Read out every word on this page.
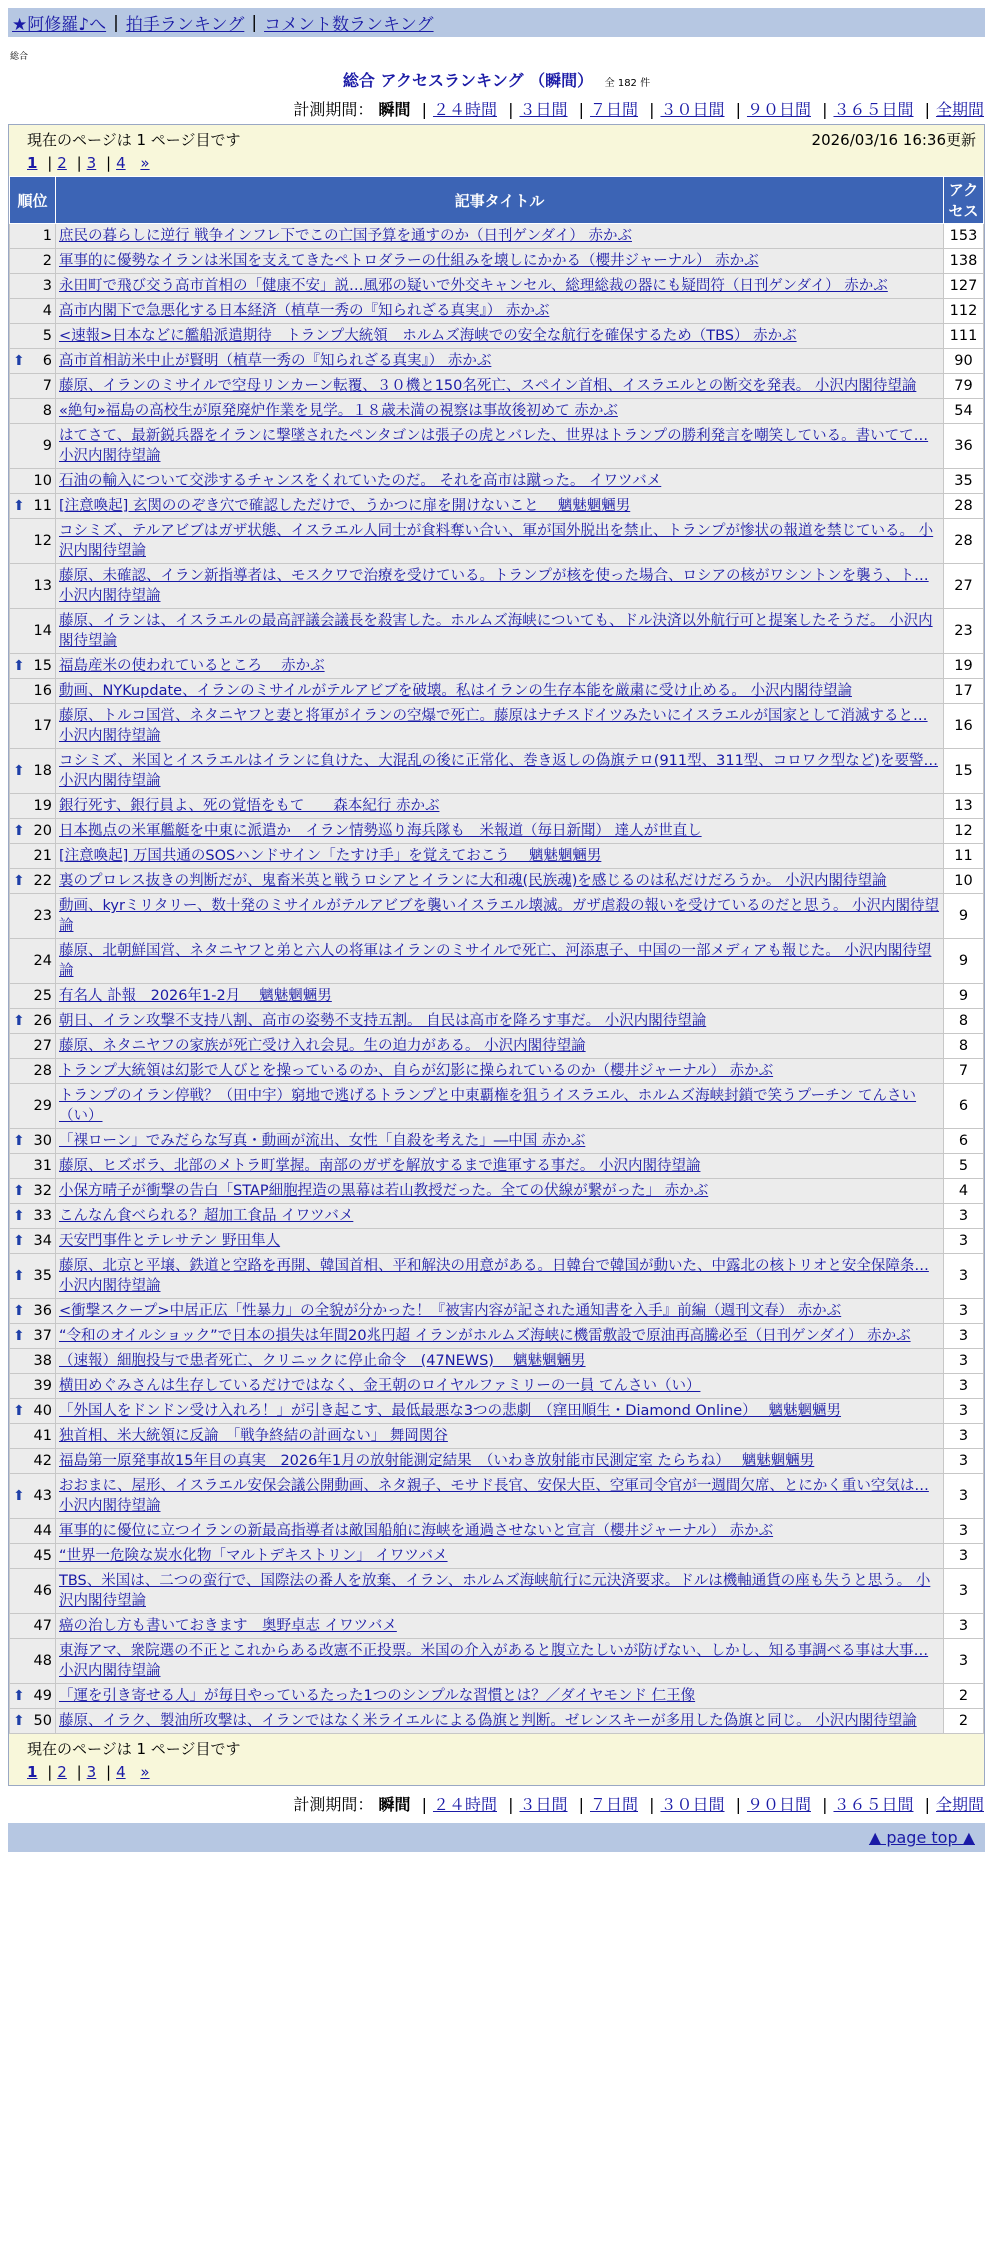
★阿修羅♪へ | 拍手ランキング | コメント数ランキング
総合
総合 アクセスランキング （瞬間） 全 182 件
計測期間： 瞬間 | ２４時間 | ３日間 | ７日間 | ３０日間 | ９０日間 | ３６５日間 | 全期間
現在のページは 1 ページ目です	2026/03/16 16:36更新
1 | 2 | 3 | 4 »
順位	記事タイトル	アクセス
1	庶民の暮らしに逆行 戦争インフレ下でこの亡国予算を通すのか（日刊ゲンダイ） 赤かぶ	153
2	軍事的に優勢なイランは米国を支えてきたペトロダラーの仕組みを壊しにかかる（櫻井ジャーナル） 赤かぶ	138
3	永田町で飛び交う高市首相の「健康不安」説…風邪の疑いで外交キャンセル、総理総裁の器にも疑問符（日刊ゲンダイ） 赤かぶ	127
4	高市内閣下で急悪化する日本経済（植草一秀の『知られざる真実』） 赤かぶ	112
5	<速報>日本などに艦船派遣期待　トランプ大統領　ホルムズ海峡での安全な航行を確保するため（TBS） 赤かぶ	111

⬆ 6	高市首相訪米中止が賢明（植草一秀の『知られざる真実』） 赤かぶ	90
7	藤原、イランのミサイルで空母リンカーン転覆、３０機と150名死亡、スペイン首相、イスラエルとの断交を発表。 小沢内閣待望論	79
8	«絶句»福島の高校生が原発廃炉作業を見学。１８歳未満の視察は事故後初めて 赤かぶ	54
9	はてさて、最新鋭兵器をイランに撃墜されたペンタゴンは張子の虎とバレた、世界はトランプの勝利発言を嘲笑している。書いてて… 小沢内閣待望論	36
10	石油の輸入について交渉するチャンスをくれていたのだ。 それを高市は蹴った。 イワツバメ	35

⬆ 11	[注意喚起] 玄関ののぞき穴で確認しただけで、うかつに扉を開けないこと　 魑魅魍魎男	28
12	コシミズ、テルアビブはガザ状態、イスラエル人同士が食料奪い合い、軍が国外脱出を禁止、トランプが惨状の報道を禁じている。 小沢内閣待望論	28
13	藤原、未確認、イラン新指導者は、モスクワで治療を受けている。トランプが核を使った場合、ロシアの核がワシントンを襲う、ト… 小沢内閣待望論	27
14	藤原、イランは、イスラエルの最高評議会議長を殺害した。ホルムズ海峡についても、ドル決済以外航行可と提案したそうだ。 小沢内閣待望論	23

⬆ 15	福島産米の使われているところ　 赤かぶ	19
16	動画、NYKupdate、イランのミサイルがテルアビブを破壊。私はイランの生存本能を厳粛に受け止める。 小沢内閣待望論	17
17	藤原、トルコ国営、ネタニヤフと妻と将軍がイランの空爆で死亡。藤原はナチスドイツみたいにイスラエルが国家として消滅すると… 小沢内閣待望論	16

⬆ 18	コシミズ、米国とイスラエルはイランに負けた、大混乱の後に正常化、巻き返しの偽旗テロ(911型、311型、コロワク型など)を要警… 小沢内閣待望論	15
19	銀行死す、銀行員よ、死の覚悟をもて　　森本紀行 赤かぶ	13

⬆ 20	日本拠点の米軍艦艇を中東に派遣か　イラン情勢巡り海兵隊も　米報道（毎日新聞） 達人が世直し	12
21	[注意喚起] 万国共通のSOSハンドサイン「たすけ手」を覚えておこう　 魑魅魍魎男	11

⬆ 22	裏のプロレス抜きの判断だが、鬼畜米英と戦うロシアとイランに大和魂(民族魂)を感じるのは私だけだろうか。 小沢内閣待望論	10
23	動画、kyrミリタリー、数十発のミサイルがテルアビブを襲いイスラエル壊滅。ガザ虐殺の報いを受けているのだと思う。 小沢内閣待望論	9
24	藤原、北朝鮮国営、ネタニヤフと弟と六人の将軍はイランのミサイルで死亡、河添恵子、中国の一部メディアも報じた。 小沢内閣待望論	9
25	有名人 訃報　2026年1-2月　 魑魅魍魎男	9

⬆ 26	朝日、イラン攻撃不支持八割、高市の姿勢不支持五割。 自民は高市を降ろす事だ。 小沢内閣待望論	8
27	藤原、ネタニヤフの家族が死亡受け入れ会見。生の迫力がある。 小沢内閣待望論	8
28	トランプ大統領は幻影で人びとを操っているのか、自らが幻影に操られているのか（櫻井ジャーナル） 赤かぶ	7
29	トランプのイラン停戦？（田中宇）窮地で逃げるトランプと中東覇権を狙うイスラエル、ホルムズ海峡封鎖で笑うプーチン てんさい（い）	6

⬆ 30	「裸ローン」でみだらな写真・動画が流出、女性「自殺を考えた」―中国 赤かぶ	6
31	藤原、ヒズボラ、北部のメトラ町掌握。南部のガザを解放するまで進軍する事だ。 小沢内閣待望論	5

⬆ 32	小保方晴子が衝撃の告白「STAP細胞捏造の黒幕は若山教授だった。全ての伏線が繋がった」 赤かぶ	4

⬆ 33	こんなん食べられる？超加工食品 イワツバメ	3

⬆ 34	天安門事件とテレサテン 野田隼人	3

⬆ 35	藤原、北京と平壌、鉄道と空路を再開、韓国首相、平和解決の用意がある。日韓台で韓国が動いた、中露北の核トリオと安全保障条… 小沢内閣待望論	3

⬆ 36	<衝撃スクープ>中居正広「性暴力」の全貌が分かった！『被害内容が記された通知書を入手』前編（週刊文春） 赤かぶ	3

⬆ 37	“令和のオイルショック”で日本の損失は年間20兆円超 イランがホルムズ海峡に機雷敷設で原油再高騰必至（日刊ゲンダイ） 赤かぶ	3
38	（速報）細胞投与で患者死亡、クリニックに停止命令　(47NEWS)　 魑魅魍魎男	3
39	横田めぐみさんは生存しているだけではなく、金王朝のロイヤルファミリーの一員 てんさい（い）	3

⬆ 40	「外国人をドンドン受け入れろ！」が引き起こす、最低最悪な3つの悲劇　（窪田順生・Diamond Online）　 魑魅魍魎男	3
41	独首相、米大統領に反論　「戦争終結の計画ない」 舞岡関谷	3
42	福島第一原発事故15年目の真実　2026年1月の放射能測定結果　（いわき放射能市民測定室 たらちね）　 魑魅魍魎男	3

⬆ 43	おおまに、屋形、イスラエル安保会議公開動画、ネタ親子、モサド長官、安保大臣、空軍司令官が一週間欠席、とにかく重い空気は… 小沢内閣待望論	3
44	軍事的に優位に立つイランの新最高指導者は敵国船舶に海峡を通過させないと宣言（櫻井ジャーナル） 赤かぶ	3
45	“世界一危険な炭水化物「マルトデキストリン」 イワツバメ	3
46	TBS、米国は、二つの蛮行で、国際法の番人を放棄、イラン、ホルムズ海峡航行に元決済要求。ドルは機軸通貨の座も失うと思う。 小沢内閣待望論	3
47	癌の治し方も書いておきます　奥野卓志 イワツバメ	3
48	東海アマ、衆院選の不正とこれからある改憲不正投票。米国の介入があると腹立たしいが防げない、しかし、知る事調べる事は大事… 小沢内閣待望論	3

⬆ 49	「運を引き寄せる人」が毎日やっているたった1つのシンプルな習慣とは？／ダイヤモンド 仁王像	2

⬆ 50	藤原、イラク、製油所攻撃は、イランではなく米ライエルによる偽旗と判断。ゼレンスキーが多用した偽旗と同じ。 小沢内閣待望論	2
現在のページは 1 ページ目です
1 | 2 | 3 | 4 »
計測期間： 瞬間 | ２４時間 | ３日間 | ７日間 | ３０日間 | ９０日間 | ３６５日間 | 全期間
▲ page top ▲
